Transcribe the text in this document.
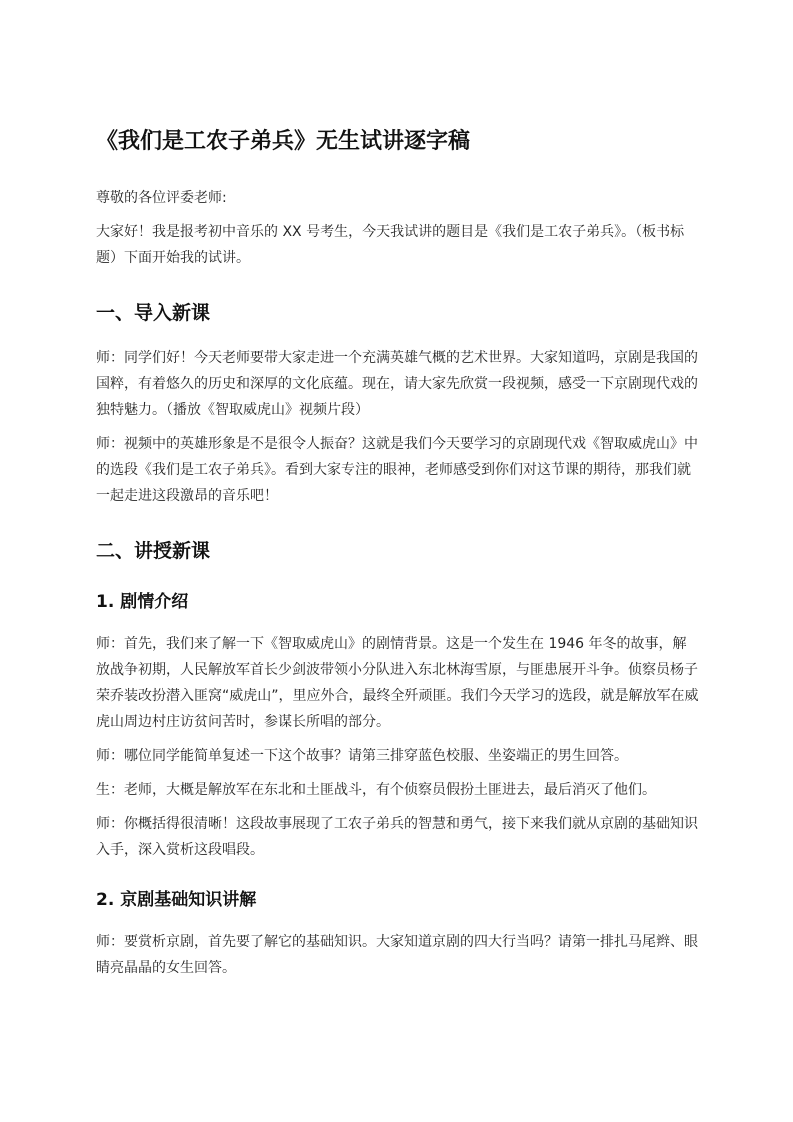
《我们是工农子弟兵》无生试讲逐字稿

尊敬的各位评委老师:

大家好！我是报考初中音乐的 XX 号考生，今天我试讲的题目是《我们是工农子弟兵》。（板书标题）下面开始我的试讲。

一、导入新课

师：同学们好！今天老师要带大家走进一个充满英雄气概的艺术世界。大家知道吗，京剧是我国的国粹，有着悠久的历史和深厚的文化底蕴。现在，请大家先欣赏一段视频，感受一下京剧现代戏的独特魅力。（播放《智取威虎山》视频片段）

师：视频中的英雄形象是不是很令人振奋？这就是我们今天要学习的京剧现代戏《智取威虎山》中的选段《我们是工农子弟兵》。看到大家专注的眼神，老师感受到你们对这节课的期待，那我们就一起走进这段激昂的音乐吧！

二、讲授新课
1. 剧情介绍

师：首先，我们来了解一下《智取威虎山》的剧情背景。这是一个发生在 1946 年冬的故事，解放战争初期，人民解放军首长少剑波带领小分队进入东北林海雪原，与匪患展开斗争。侦察员杨子荣乔装改扮潜入匪窝“威虎山”，里应外合，最终全歼顽匪。我们今天学习的选段，就是解放军在威虎山周边村庄访贫问苦时，参谋长所唱的部分。

师：哪位同学能简单复述一下这个故事？请第三排穿蓝色校服、坐姿端正的男生回答。

生：老师，大概是解放军在东北和土匪战斗，有个侦察员假扮土匪进去，最后消灭了他们。

师：你概括得很清晰！这段故事展现了工农子弟兵的智慧和勇气，接下来我们就从京剧的基础知识入手，深入赏析这段唱段。

2. 京剧基础知识讲解

师：要赏析京剧，首先要了解它的基础知识。大家知道京剧的四大行当吗？请第一排扎马尾辫、眼睛亮晶晶的女生回答。
